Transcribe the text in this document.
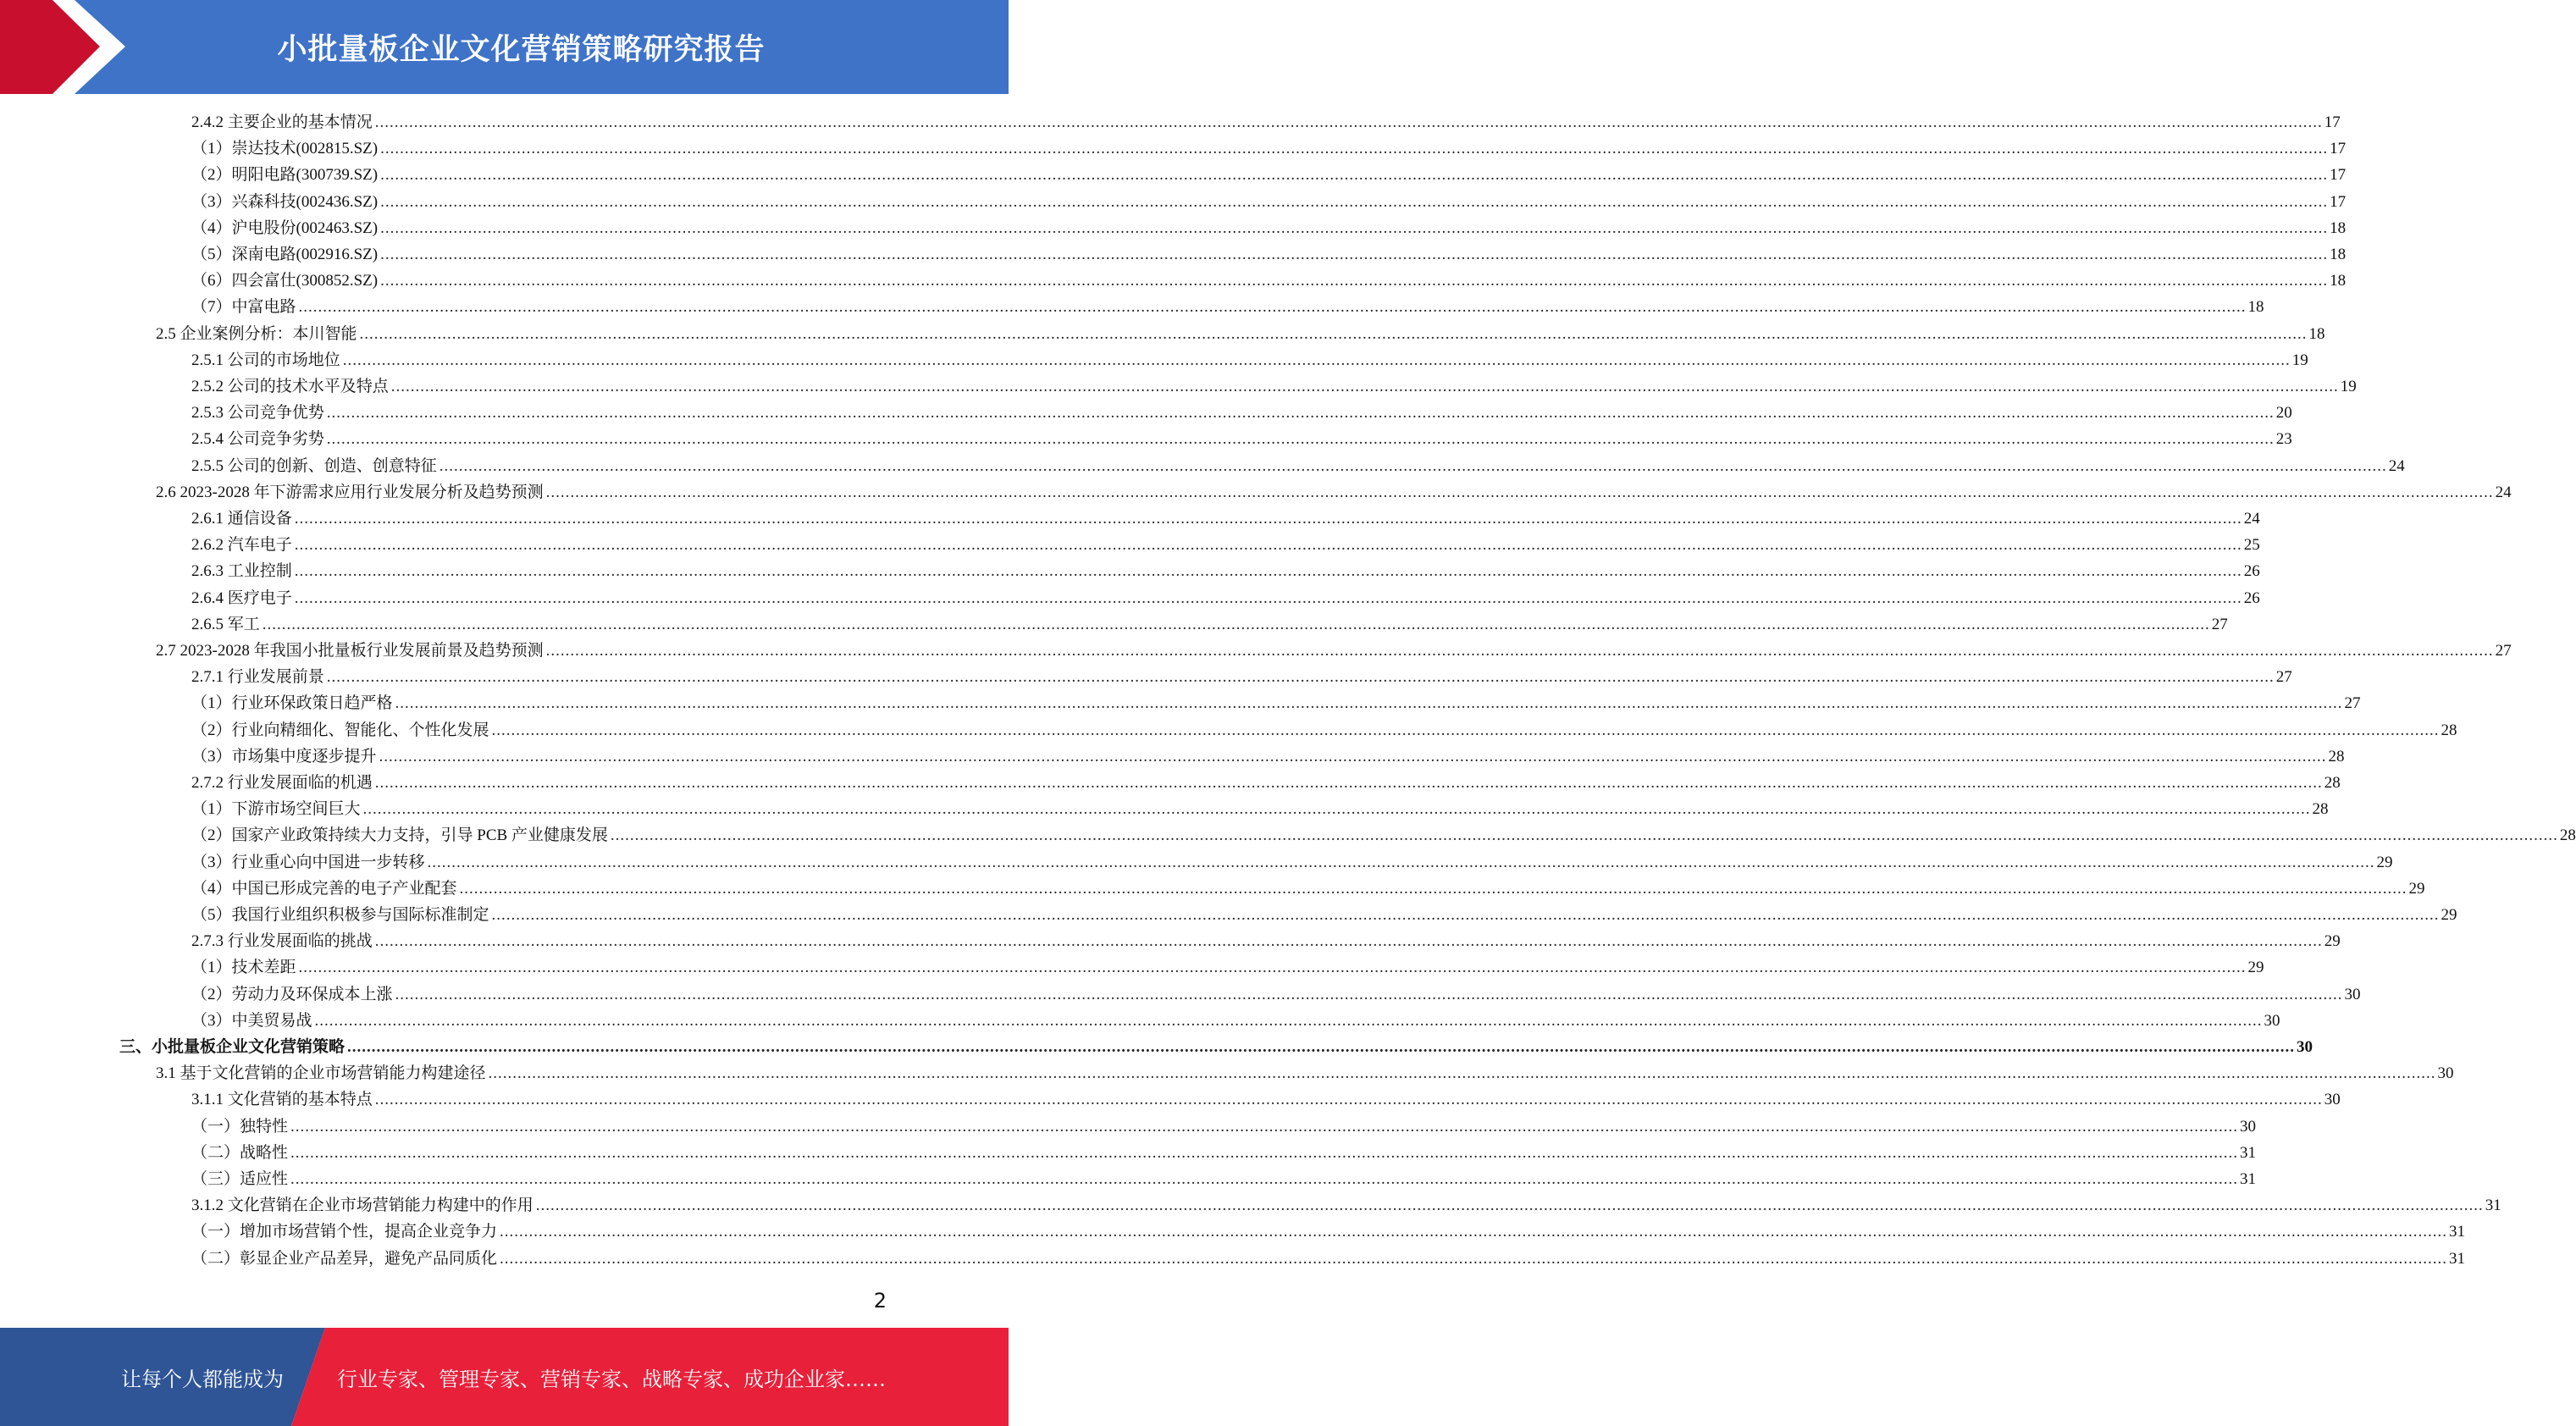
小批量板企业文化营销策略研究报告
2.4.2 主要企业的基本情况 ................................................................................................................................................................................................................................................................................................................................................................................................................ 17
（1）崇达技术(002815.SZ) ................................................................................................................................................................................................................................................................................................................................................................................................................ 17
（2）明阳电路(300739.SZ) ................................................................................................................................................................................................................................................................................................................................................................................................................ 17
（3）兴森科技(002436.SZ) ................................................................................................................................................................................................................................................................................................................................................................................................................ 17
（4）沪电股份(002463.SZ) ................................................................................................................................................................................................................................................................................................................................................................................................................ 18
（5）深南电路(002916.SZ) ................................................................................................................................................................................................................................................................................................................................................................................................................ 18
（6）四会富仕(300852.SZ) ................................................................................................................................................................................................................................................................................................................................................................................................................ 18
（7）中富电路 ................................................................................................................................................................................................................................................................................................................................................................................................................ 18
2.5 企业案例分析：本川智能 ................................................................................................................................................................................................................................................................................................................................................................................................................ 18
2.5.1 公司的市场地位 ................................................................................................................................................................................................................................................................................................................................................................................................................ 19
2.5.2 公司的技术水平及特点 ................................................................................................................................................................................................................................................................................................................................................................................................................ 19
2.5.3 公司竞争优势 ................................................................................................................................................................................................................................................................................................................................................................................................................ 20
2.5.4 公司竞争劣势 ................................................................................................................................................................................................................................................................................................................................................................................................................ 23
2.5.5 公司的创新、创造、创意特征 ................................................................................................................................................................................................................................................................................................................................................................................................................ 24
2.6 2023-2028 年下游需求应用行业发展分析及趋势预测 ................................................................................................................................................................................................................................................................................................................................................................................................................ 24
2.6.1 通信设备 ................................................................................................................................................................................................................................................................................................................................................................................................................ 24
2.6.2 汽车电子 ................................................................................................................................................................................................................................................................................................................................................................................................................ 25
2.6.3 工业控制 ................................................................................................................................................................................................................................................................................................................................................................................................................ 26
2.6.4 医疗电子 ................................................................................................................................................................................................................................................................................................................................................................................................................ 26
2.6.5 军工 ................................................................................................................................................................................................................................................................................................................................................................................................................ 27
2.7 2023-2028 年我国小批量板行业发展前景及趋势预测 ................................................................................................................................................................................................................................................................................................................................................................................................................ 27
2.7.1 行业发展前景 ................................................................................................................................................................................................................................................................................................................................................................................................................ 27
（1）行业环保政策日趋严格 ................................................................................................................................................................................................................................................................................................................................................................................................................ 27
（2）行业向精细化、智能化、个性化发展 ................................................................................................................................................................................................................................................................................................................................................................................................................ 28
（3）市场集中度逐步提升 ................................................................................................................................................................................................................................................................................................................................................................................................................ 28
2.7.2 行业发展面临的机遇 ................................................................................................................................................................................................................................................................................................................................................................................................................ 28
（1）下游市场空间巨大 ................................................................................................................................................................................................................................................................................................................................................................................................................ 28
（2）国家产业政策持续大力支持，引导 PCB 产业健康发展 ................................................................................................................................................................................................................................................................................................................................................................................................................ 28
（3）行业重心向中国进一步转移 ................................................................................................................................................................................................................................................................................................................................................................................................................ 29
（4）中国已形成完善的电子产业配套 ................................................................................................................................................................................................................................................................................................................................................................................................................ 29
（5）我国行业组织积极参与国际标准制定 ................................................................................................................................................................................................................................................................................................................................................................................................................ 29
2.7.3 行业发展面临的挑战 ................................................................................................................................................................................................................................................................................................................................................................................................................ 29
（1）技术差距 ................................................................................................................................................................................................................................................................................................................................................................................................................ 29
（2）劳动力及环保成本上涨 ................................................................................................................................................................................................................................................................................................................................................................................................................ 30
（3）中美贸易战 ................................................................................................................................................................................................................................................................................................................................................................................................................ 30
三、小批量板企业文化营销策略 ................................................................................................................................................................................................................................................................................................................................................................................................................ 30
3.1 基于文化营销的企业市场营销能力构建途径 ................................................................................................................................................................................................................................................................................................................................................................................................................ 30
3.1.1 文化营销的基本特点 ................................................................................................................................................................................................................................................................................................................................................................................................................ 30
（一）独特性 ................................................................................................................................................................................................................................................................................................................................................................................................................ 30
（二）战略性 ................................................................................................................................................................................................................................................................................................................................................................................................................ 31
（三）适应性 ................................................................................................................................................................................................................................................................................................................................................................................................................ 31
3.1.2 文化营销在企业市场营销能力构建中的作用 ................................................................................................................................................................................................................................................................................................................................................................................................................ 31
（一）增加市场营销个性，提高企业竞争力 ................................................................................................................................................................................................................................................................................................................................................................................................................ 31
（二）彰显企业产品差异，避免产品同质化 ................................................................................................................................................................................................................................................................................................................................................................................................................ 31
2
让每个人都能成为	行业专家、管理专家、营销专家、战略专家、成功企业家……
